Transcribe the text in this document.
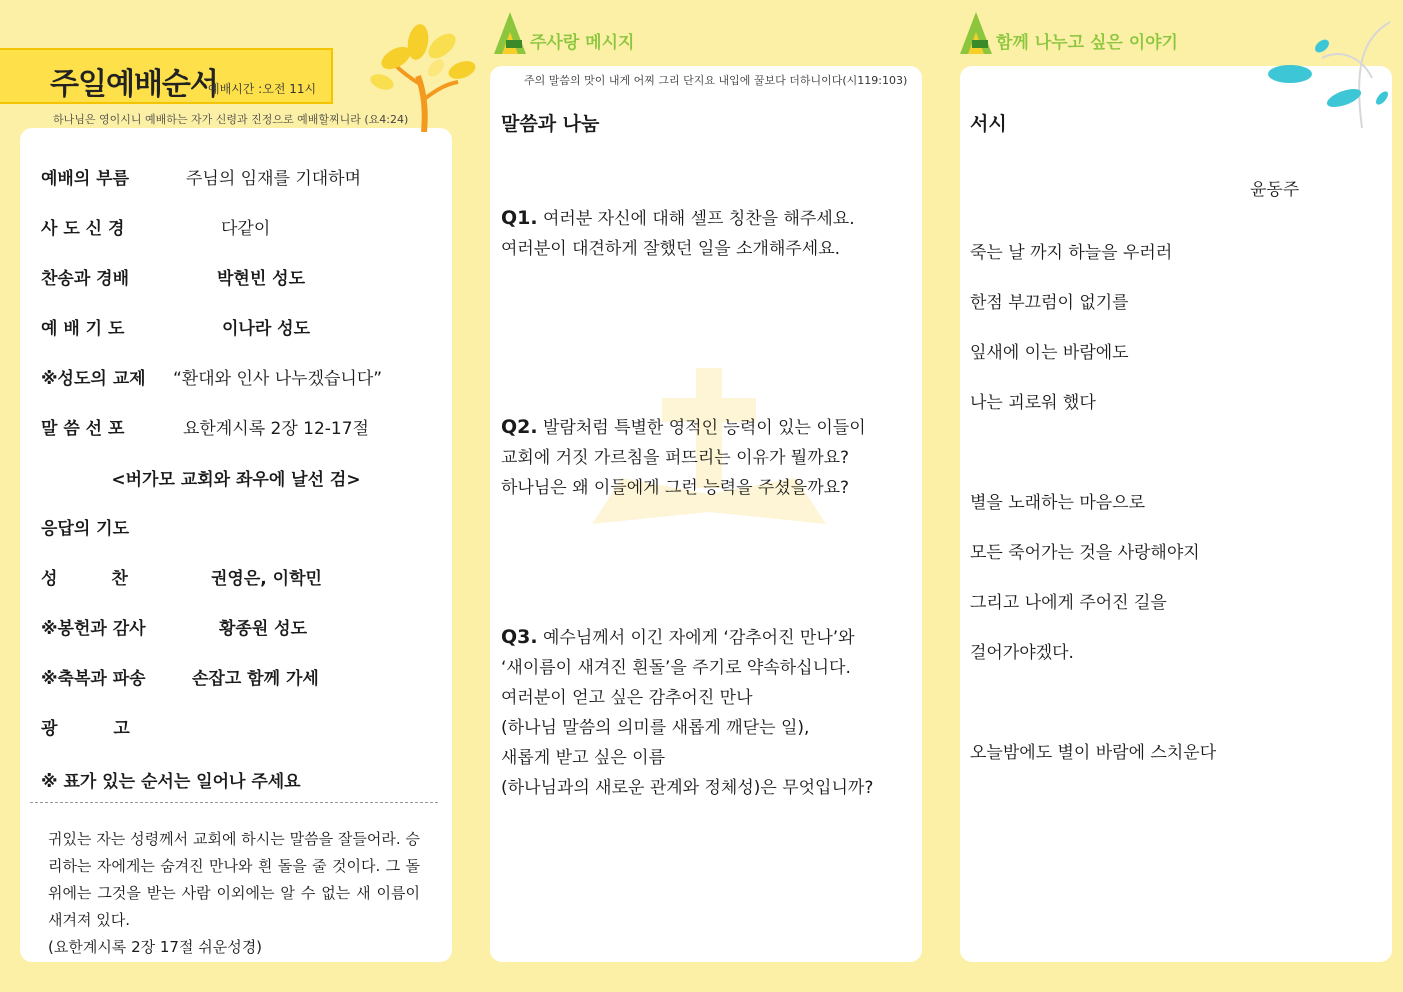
주일예배순서
예배시간 :오전 11시
하나님은 영이시니 예배하는 자가 신령과 진정으로 예배할찌니라 (요4:24)
예배의 부름	주님의 임재를 기대하며
사 도 신 경	다같이
찬송과 경배	박현빈 성도
예 배 기 도	이나라 성도
※성도의 교제 “환대와 인사 나누겠습니다”
말 씀 선 포	요한계시록 2장 12-17절
<버가모 교회와 좌우에 날선 검>
응답의 기도
성 찬	권영은, 이학민
※봉헌과 감사	황종원 성도
※축복과 파송	손잡고 함께 가세
광 고
※ 표가 있는 순서는 일어나 주세요
귀있는 자는 성령께서 교회에 하시는 말씀을 잘들어라. 승리하는 자에게는 숨겨진 만나와 흰 돌을 줄 것이다. 그 돌 위에는 그것을 받는 사람 이외에는 알 수 없는 새 이름이 새겨져 있다.
(요한계시록 2장 17절 쉬운성경)
주사랑 메시지
주의 말씀의 맛이 내게 어찌 그리 단지요 내입에 꿀보다 더하니이다(시119:103)
말씀과 나눔
Q1. 여러분 자신에 대해 셀프 칭찬을 해주세요.
여러분이 대견하게 잘했던 일을 소개해주세요.
Q2. 발람처럼 특별한 영적인 능력이 있는 이들이
교회에 거짓 가르침을 퍼뜨리는 이유가 뭘까요?
하나님은 왜 이들에게 그런 능력을 주셨을까요?
Q3. 예수님께서 이긴 자에게 ‘감추어진 만나’와
‘새이름이 새겨진 흰돌’을 주기로 약속하십니다.
여러분이 얻고 싶은 감추어진 만나
(하나님 말씀의 의미를 새롭게 깨닫는 일),
새롭게 받고 싶은 이름
(하나님과의 새로운 관계와 정체성)은 무엇입니까?
함께 나누고 싶은 이야기
서시
윤동주
죽는 날 까지 하늘을 우러러
한점 부끄럼이 없기를
잎새에 이는 바람에도
나는 괴로워 했다
별을 노래하는 마음으로
모든 죽어가는 것을 사랑해야지
그리고 나에게 주어진 길을
걸어가야겠다.
오늘밤에도 별이 바람에 스치운다
